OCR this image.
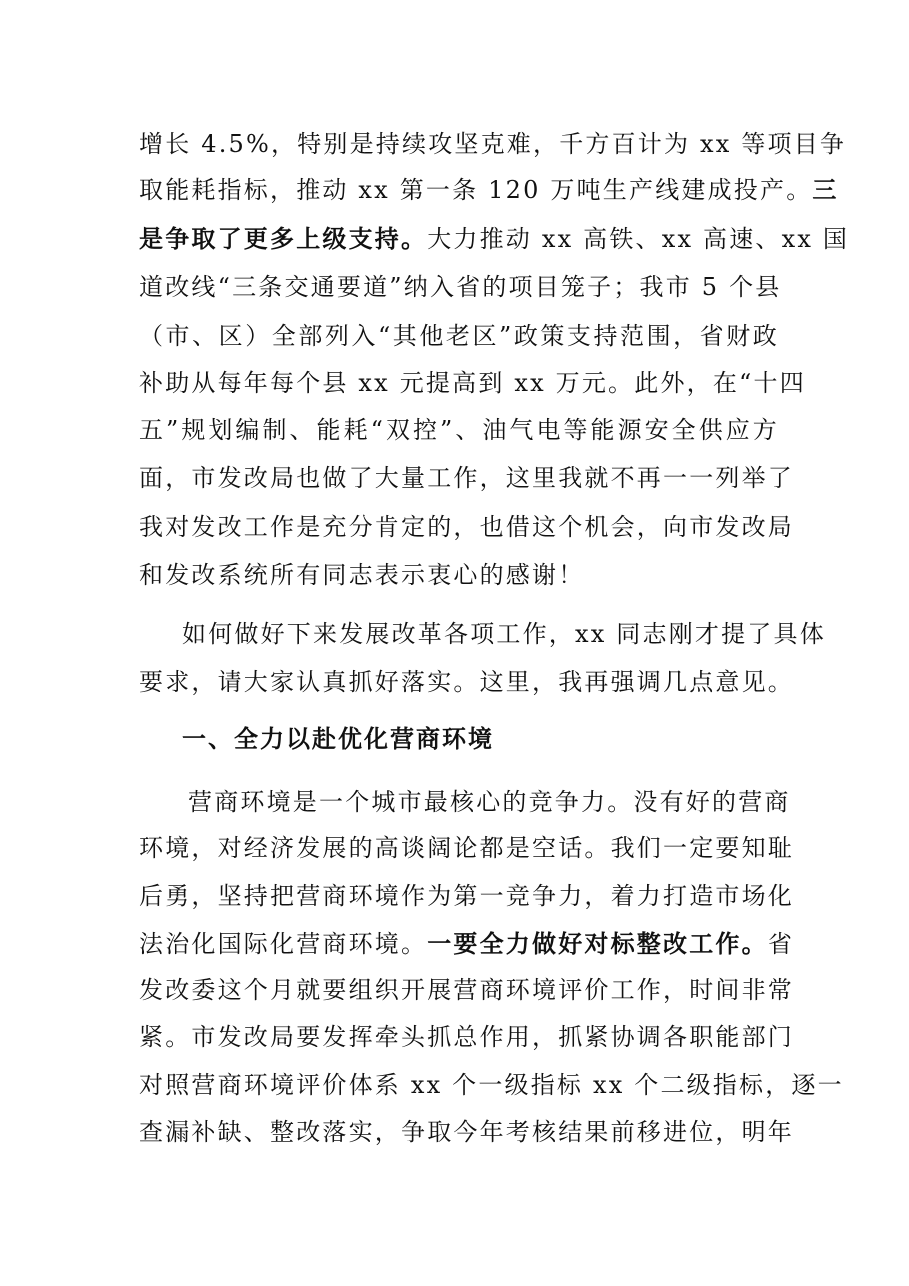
增长 4.5%，特别是持续攻坚克难，千方百计为 xx 等项目争
取能耗指标，推动 xx 第一条 120 万吨生产线建成投产。三
是争取了更多上级支持。大力推动 xx 高铁、xx 高速、xx 国
道改线“三条交通要道”纳入省的项目笼子；我市 5 个县
（市、区）全部列入“其他老区”政策支持范围，省财政
补助从每年每个县 xx 元提高到 xx 万元。此外，在“十四
五”规划编制、能耗“双控”、油气电等能源安全供应方
面，市发改局也做了大量工作，这里我就不再一一列举了
我对发改工作是充分肯定的，也借这个机会，向市发改局
和发改系统所有同志表示衷心的感谢！
如何做好下来发展改革各项工作，xx 同志刚才提了具体
要求，请大家认真抓好落实。这里，我再强调几点意见。
一、全力以赴优化营商环境
营商环境是一个城市最核心的竞争力。没有好的营商
环境，对经济发展的高谈阔论都是空话。我们一定要知耻
后勇，坚持把营商环境作为第一竞争力，着力打造市场化
法治化国际化营商环境。一要全力做好对标整改工作。省
发改委这个月就要组织开展营商环境评价工作，时间非常
紧。市发改局要发挥牵头抓总作用，抓紧协调各职能部门
对照营商环境评价体系 xx 个一级指标 xx 个二级指标，逐一
查漏补缺、整改落实，争取今年考核结果前移进位，明年
